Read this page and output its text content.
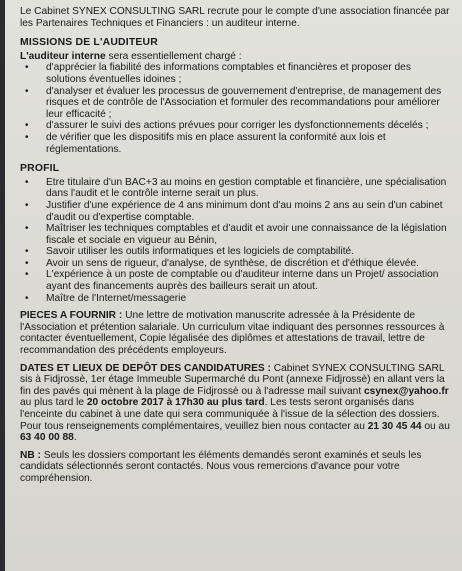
Le Cabinet SYNEX CONSULTING SARL recrute pour le compte d'une association financée par les Partenaires Techniques et Financiers : un auditeur interne.

MISSIONS DE L'AUDITEUR

L'auditeur interne sera essentiellement chargé :

• d'apprécier la fiabilité des informations comptables et financières et proposer des solutions éventuelles idoines ;
• d'analyser et évaluer les processus de gouvernement d'entreprise, de management des risques et de contrôle de l'Association et formuler des recommandations pour améliorer leur efficacité ;
• d'assurer le suivi des actions prévues pour corriger les dysfonctionnements décelés ;
• de vérifier que les dispositifs mis en place assurent la conformité aux lois et réglementations.
PROFIL
• Etre titulaire d'un BAC+3 au moins en gestion comptable et financière, une spécialisation dans l'audit et le contrôle interne serait un plus.
• Justifier d'une expérience de 4 ans minimum dont d'au moins 2 ans au sein d'un cabinet d'audit ou d'expertise comptable.
• Maîtriser les techniques comptables et d'audit et avoir une connaissance de la législation fiscale et sociale en vigueur au Bénin,
• Savoir utiliser les outils informatiques et les logiciels de comptabilité.
• Avoir un sens de rigueur, d'analyse, de synthèse, de discrétion et d'éthique élevée.
• L'expérience à un poste de comptable ou d'auditeur interne dans un Projet/ association ayant des financements auprès des bailleurs serait un atout.
• Maître de l'Internet/messagerie

PIECES A FOURNIR : Une lettre de motivation manuscrite adressée à la Présidente de l'Association et prétention salariale. Un curriculum vitae indiquant des personnes ressources à contacter éventuellement, Copie légalisée des diplômes et attestations de travail, lettre de recommandation des précédents employeurs.

DATES ET LIEUX DE DEPÔT DES CANDIDATURES : Cabinet SYNEX CONSULTING SARL sis à Fidjrossè, 1er étage Immeuble Supermarché du Pont (annexe Fidjrossè) en allant vers la fin des pavés qui mènent à la plage de Fidjrossè ou à l'adresse mail suivant csynex@yahoo.fr au plus tard le 20 octobre 2017 à 17h30 au plus tard. Les tests seront organisés dans l'enceinte du cabinet à une date qui sera communiquée à l'issue de la sélection des dossiers. Pour tous renseignements complémentaires, veuillez bien nous contacter au 21 30 45 44 ou au 63 40 00 88.

NB : Seuls les dossiers comportant les éléments demandés seront examinés et seuls les candidats sélectionnés seront contactés. Nous vous remercions d'avance pour votre compréhension.
